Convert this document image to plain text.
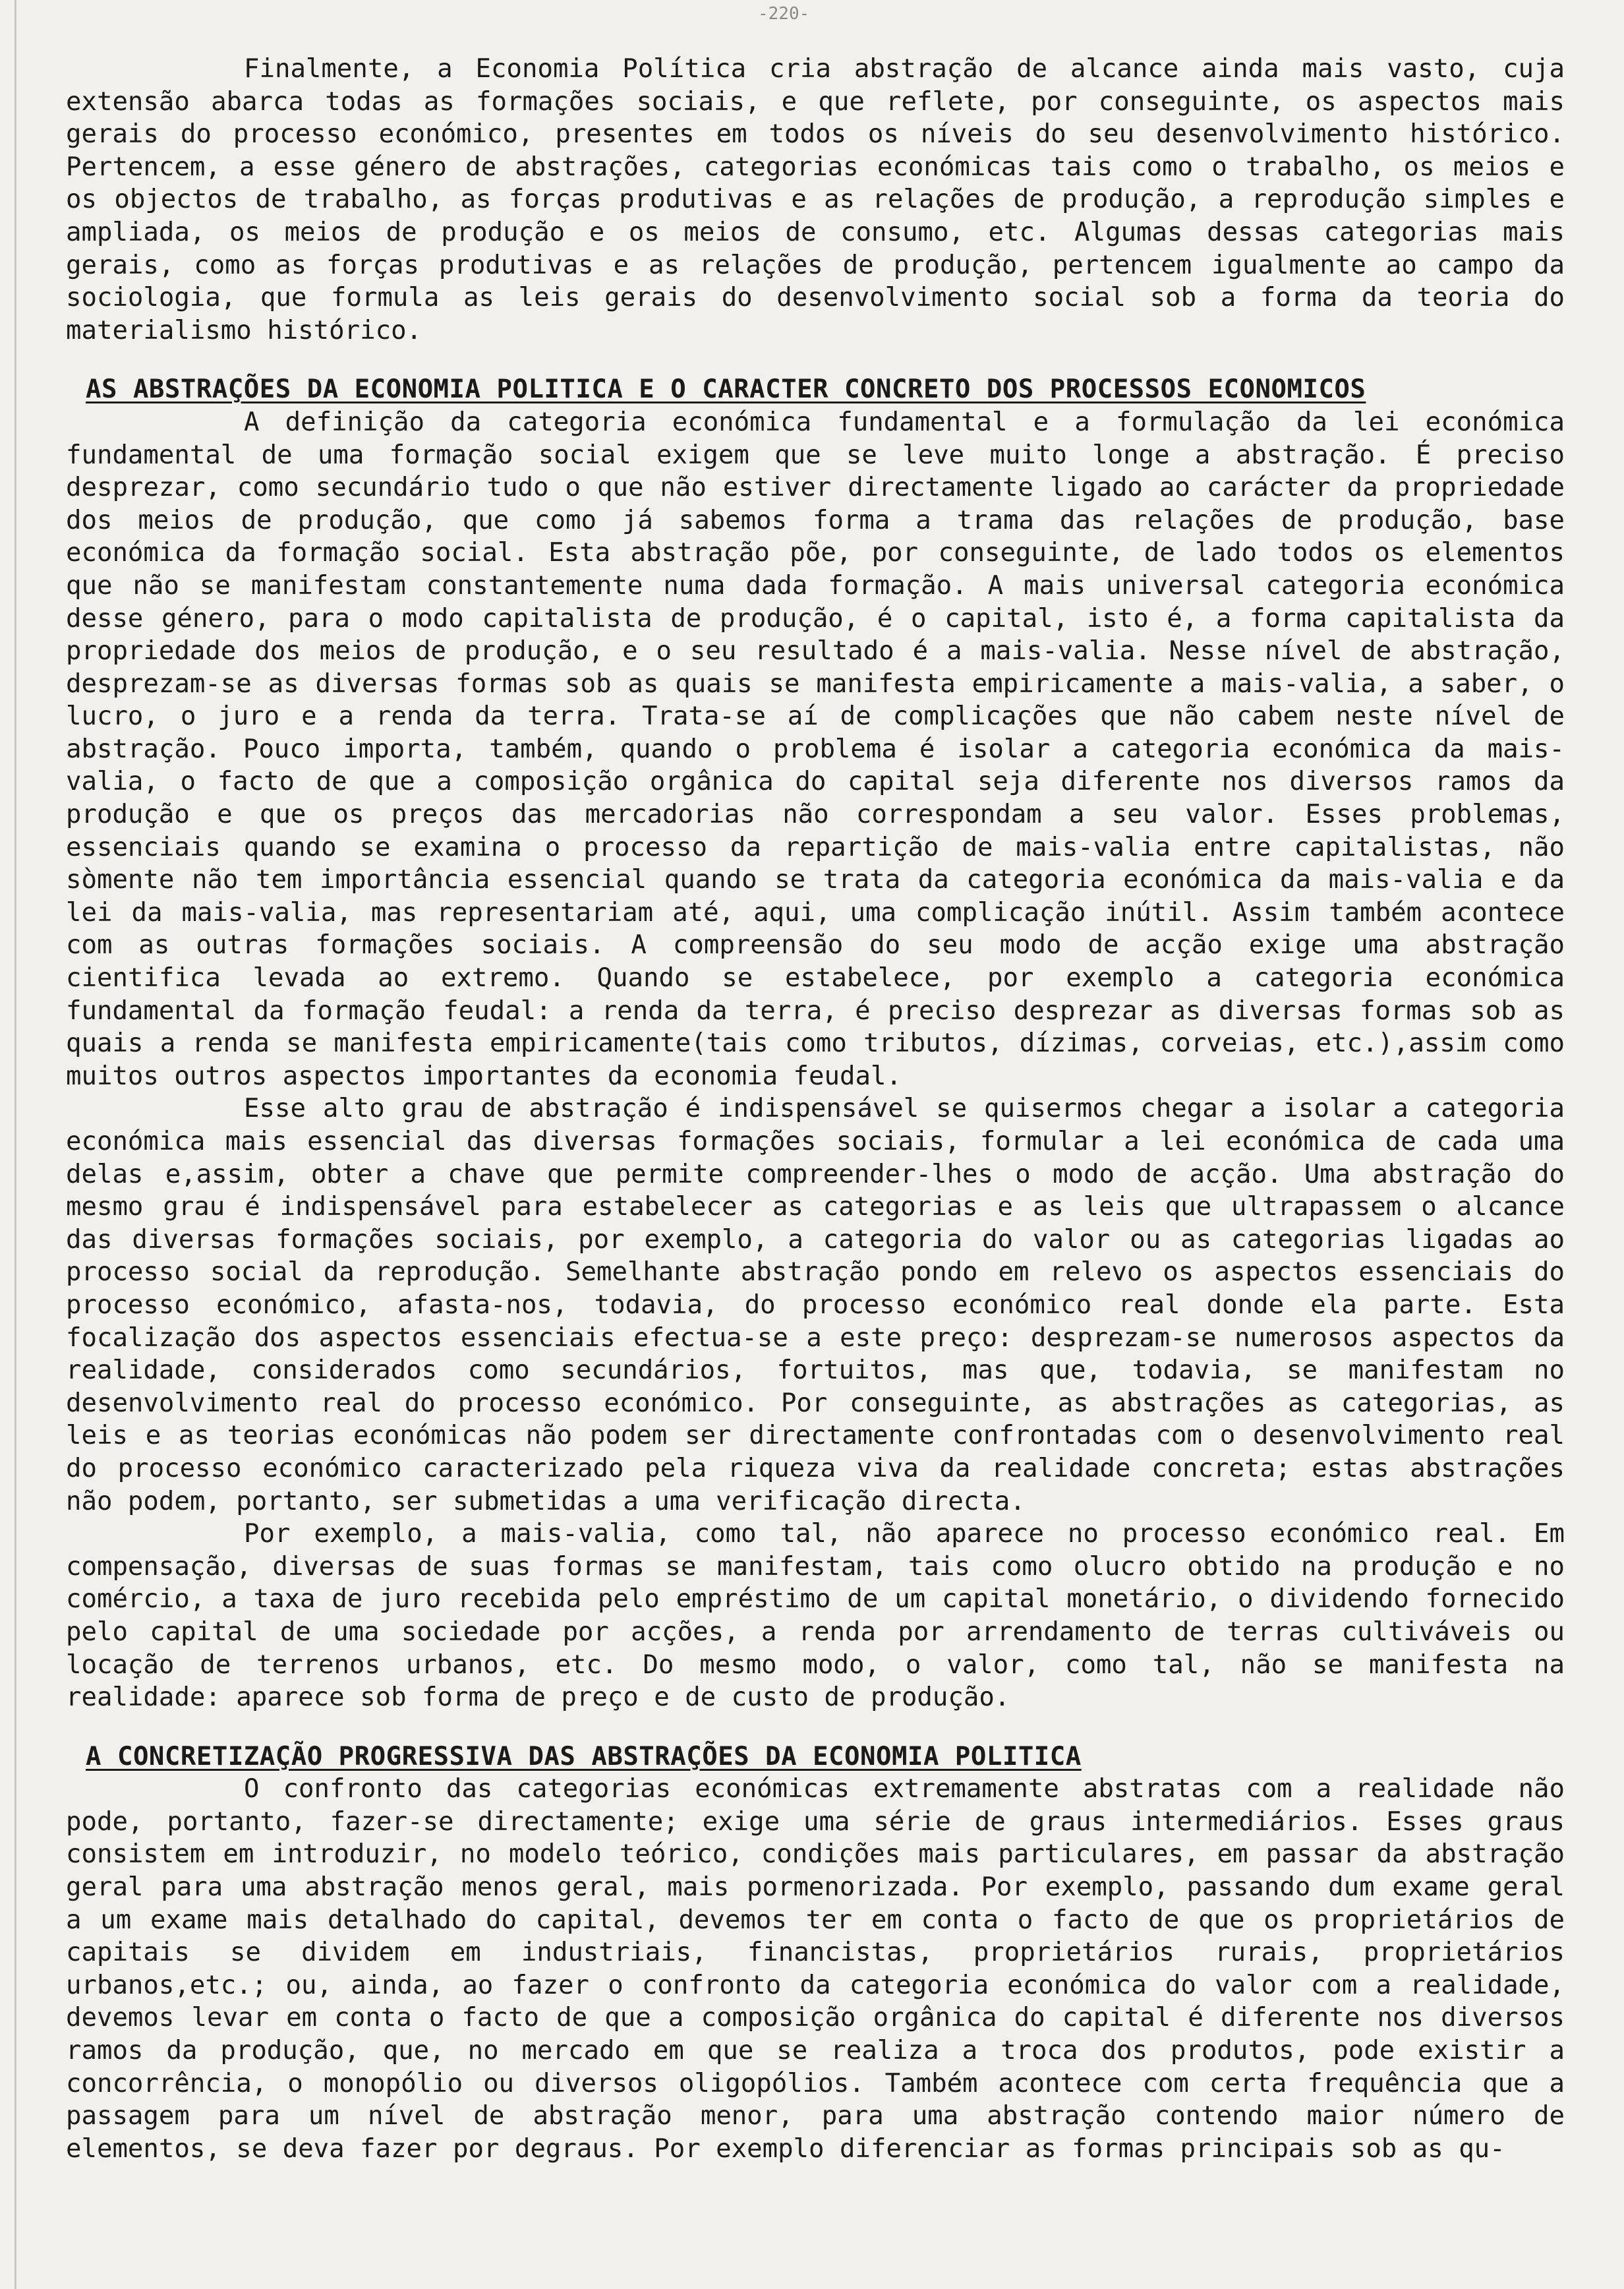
-220-

Finalmente, a Economia Política cria abstração de alcance ainda mais vasto, cuja extensão abarca todas as formações sociais, e que reflete, por conseguinte, os aspectos mais gerais do processo económico, presentes em todos os níveis do seu desenvolvimento histórico. Pertencem, a esse género de abstrações, categorias económicas tais como o trabalho, os meios e os objectos de trabalho, as forças produtivas e as relações de produção, a reprodução simples e ampliada, os meios de produção e os meios de consumo, etc. Algumas dessas categorias mais gerais, como as forças produtivas e as relações de produção, pertencem igualmente ao campo da sociologia, que formula as leis gerais do desenvolvimento social sob a forma da teoria do materialismo histórico.

AS ABSTRAÇÕES DA ECONOMIA POLITICA E O CARACTER CONCRETO DOS PROCESSOS ECONOMICOS

A definição da categoria económica fundamental e a formulação da lei económica fundamental de uma formação social exigem que se leve muito longe a abstração. É preciso desprezar, como secundário tudo o que não estiver directamente ligado ao carácter da propriedade dos meios de produção, que como já sabemos forma a trama das relações de produção, base económica da formação social. Esta abstração põe, por conseguinte, de lado todos os elementos que não se manifestam constantemente numa dada formação. A mais universal categoria económica desse género, para o modo capitalista de produção, é o capital, isto é, a forma capitalista da propriedade dos meios de produção, e o seu resultado é a mais-valia. Nesse nível de abstração, desprezam-se as diversas formas sob as quais se manifesta empiricamente a mais-valia, a saber, o lucro, o juro e a renda da terra. Trata-se aí de complicações que não cabem neste nível de abstração. Pouco importa, também, quando o problema é isolar a categoria económica da mais-valia, o facto de que a composição orgânica do capital seja diferente nos diversos ramos da produção e que os preços das mercadorias não correspondam a seu valor. Esses problemas, essenciais quando se examina o processo da repartição de mais-valia entre capitalistas, não sòmente não tem importância essencial quando se trata da categoria económica da mais-valia e da lei da mais-valia, mas representariam até, aqui, uma complicação inútil. Assim também acontece com as outras formações sociais. A compreensão do seu modo de acção exige uma abstração cientifica levada ao extremo. Quando se estabelece, por exemplo a categoria económica fundamental da formação feudal: a renda da terra, é preciso desprezar as diversas formas sob as quais a renda se manifesta empiricamente(tais como tributos, dízimas, corveias, etc.),assim como muitos outros aspectos importantes da economia feudal.

Esse alto grau de abstração é indispensável se quisermos chegar a isolar a categoria económica mais essencial das diversas formações sociais, formular a lei económica de cada uma delas e,assim, obter a chave que permite compreender-lhes o modo de acção. Uma abstração do mesmo grau é indispensável para estabelecer as categorias e as leis que ultrapassem o alcance das diversas formações sociais, por exemplo, a categoria do valor ou as categorias ligadas ao processo social da reprodução. Semelhante abstração pondo em relevo os aspectos essenciais do processo económico, afasta-nos, todavia, do processo económico real donde ela parte. Esta focalização dos aspectos essenciais efectua-se a este preço: desprezam-se numerosos aspectos da realidade, considerados como secundários, fortuitos, mas que, todavia, se manifestam no desenvolvimento real do processo económico. Por conseguinte, as abstrações as categorias, as leis e as teorias económicas não podem ser directamente confrontadas com o desenvolvimento real do processo económico caracterizado pela riqueza viva da realidade concreta; estas abstrações não podem, portanto, ser submetidas a uma verificação directa.

Por exemplo, a mais-valia, como tal, não aparece no processo económico real. Em compensação, diversas de suas formas se manifestam, tais como olucro obtido na produção e no comércio, a taxa de juro recebida pelo empréstimo de um capital monetário, o dividendo fornecido pelo capital de uma sociedade por acções, a renda por arrendamento de terras cultiváveis ou locação de terrenos urbanos, etc. Do mesmo modo, o valor, como tal, não se manifesta na realidade: aparece sob forma de preço e de custo de produção.

A CONCRETIZAÇÃO PROGRESSIVA DAS ABSTRAÇÕES DA ECONOMIA POLITICA

O confronto das categorias económicas extremamente abstratas com a realidade não pode, portanto, fazer-se directamente; exige uma série de graus intermediários. Esses graus consistem em introduzir, no modelo teórico, condições mais particulares, em passar da abstração geral para uma abstração menos geral, mais pormenorizada. Por exemplo, passando dum exame geral a um exame mais detalhado do capital, devemos ter em conta o facto de que os proprietários de capitais se dividem em industriais, financistas, proprietários rurais, proprietários urbanos,etc.; ou, ainda, ao fazer o confronto da categoria económica do valor com a realidade, devemos levar em conta o facto de que a composição orgânica do capital é diferente nos diversos ramos da produção, que, no mercado em que se realiza a troca dos produtos, pode existir a concorrência, o monopólio ou diversos oligopólios. Também acontece com certa frequência que a passagem para um nível de abstração menor, para uma abstração contendo maior número de elementos, se deva fazer por degraus. Por exemplo diferenciar as formas principais sob as qu-
